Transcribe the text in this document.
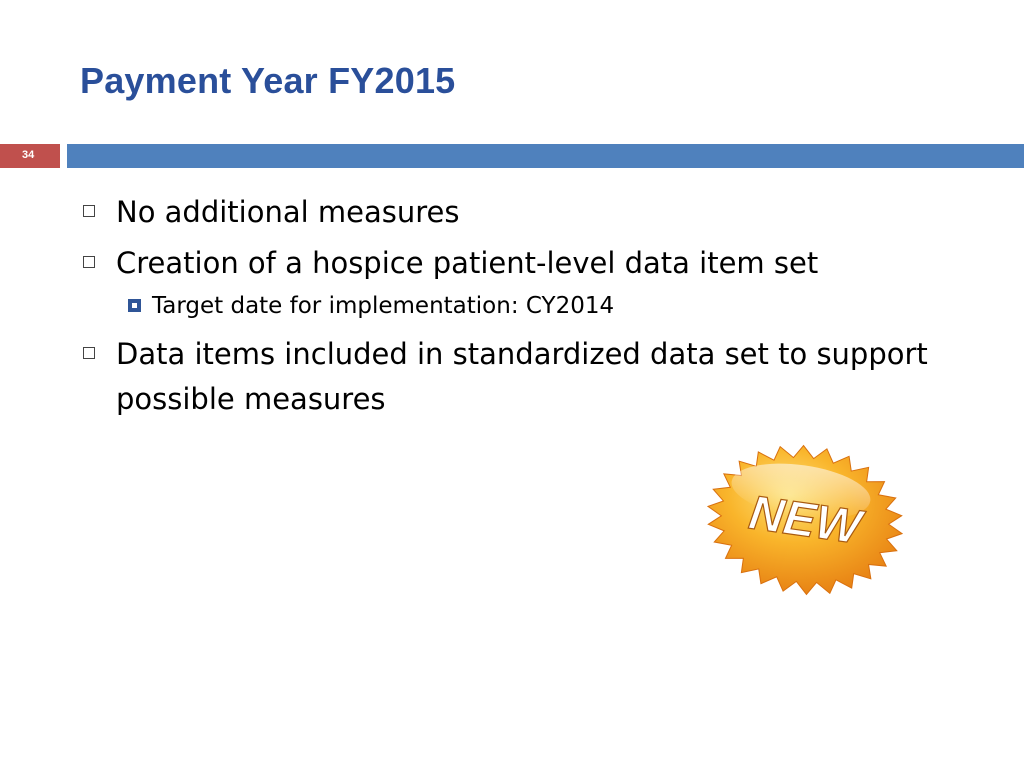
Payment Year FY2015
34
No additional measures
Creation of a hospice patient-level data item set
Target date for implementation: CY2014
Data items included in standardized data set to support possible measures
NEW
